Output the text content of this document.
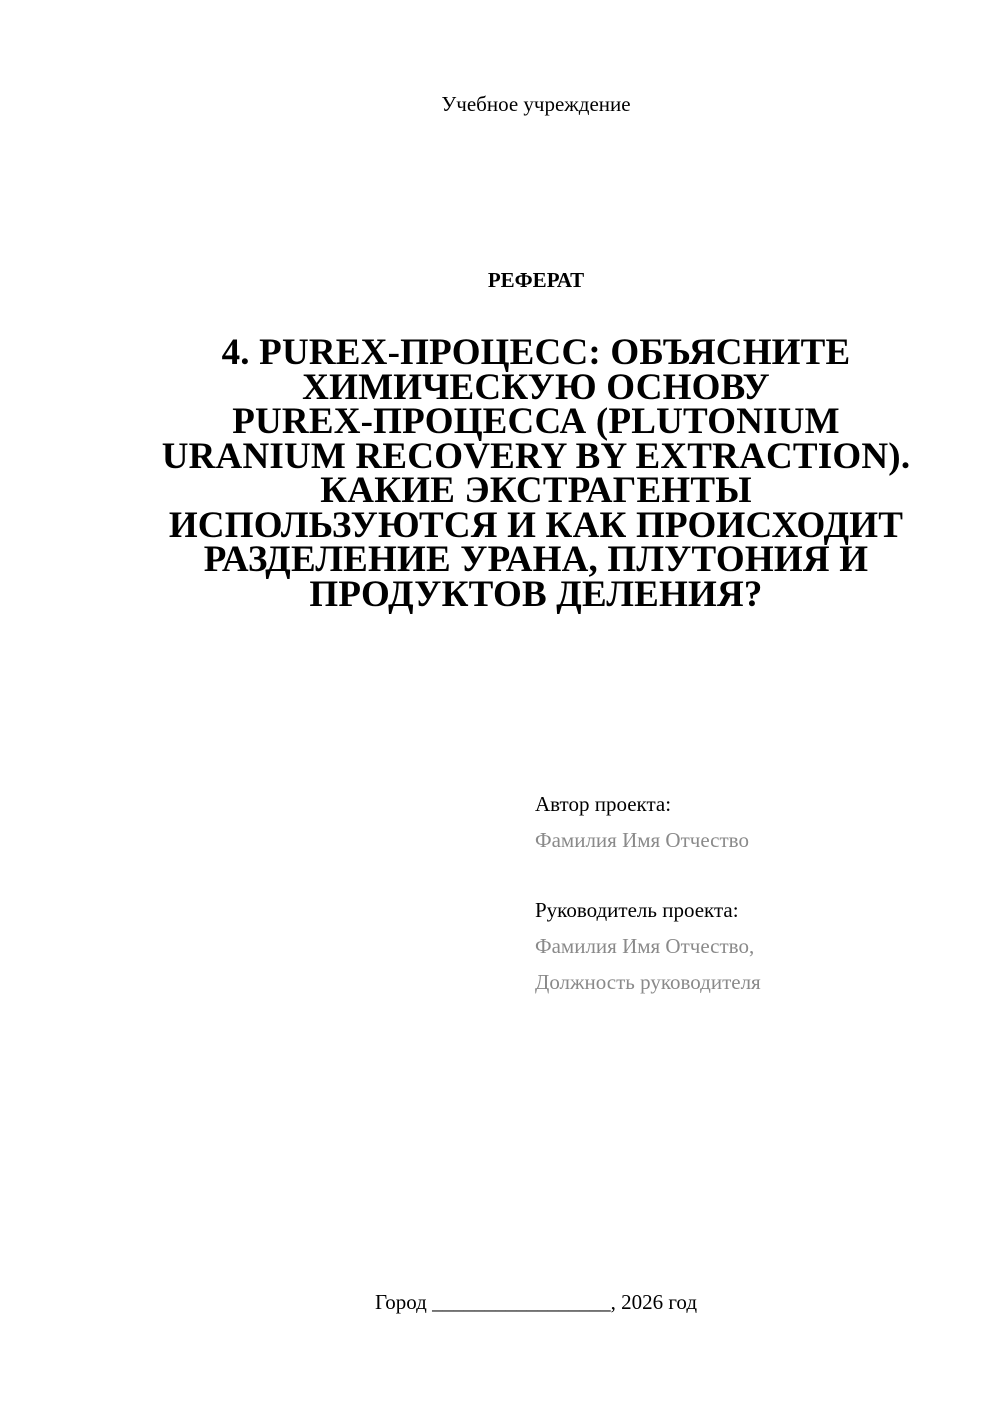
Учебное учреждение
РЕФЕРАТ
4. PUREX-ПРОЦЕСС: ОБЪЯСНИТЕ
ХИМИЧЕСКУЮ ОСНОВУ
PUREX-ПРОЦЕССА (PLUTONIUM
URANIUM RECOVERY BY EXTRACTION).
КАКИЕ ЭКСТРАГЕНТЫ
ИСПОЛЬЗУЮТСЯ И КАК ПРОИСХОДИТ
РАЗДЕЛЕНИЕ УРАНА, ПЛУТОНИЯ И
ПРОДУКТОВ ДЕЛЕНИЯ?
Автор проекта:
Фамилия Имя Отчество
Руководитель проекта:
Фамилия Имя Отчество,
Должность руководителя
Город _________________, 2026 год
